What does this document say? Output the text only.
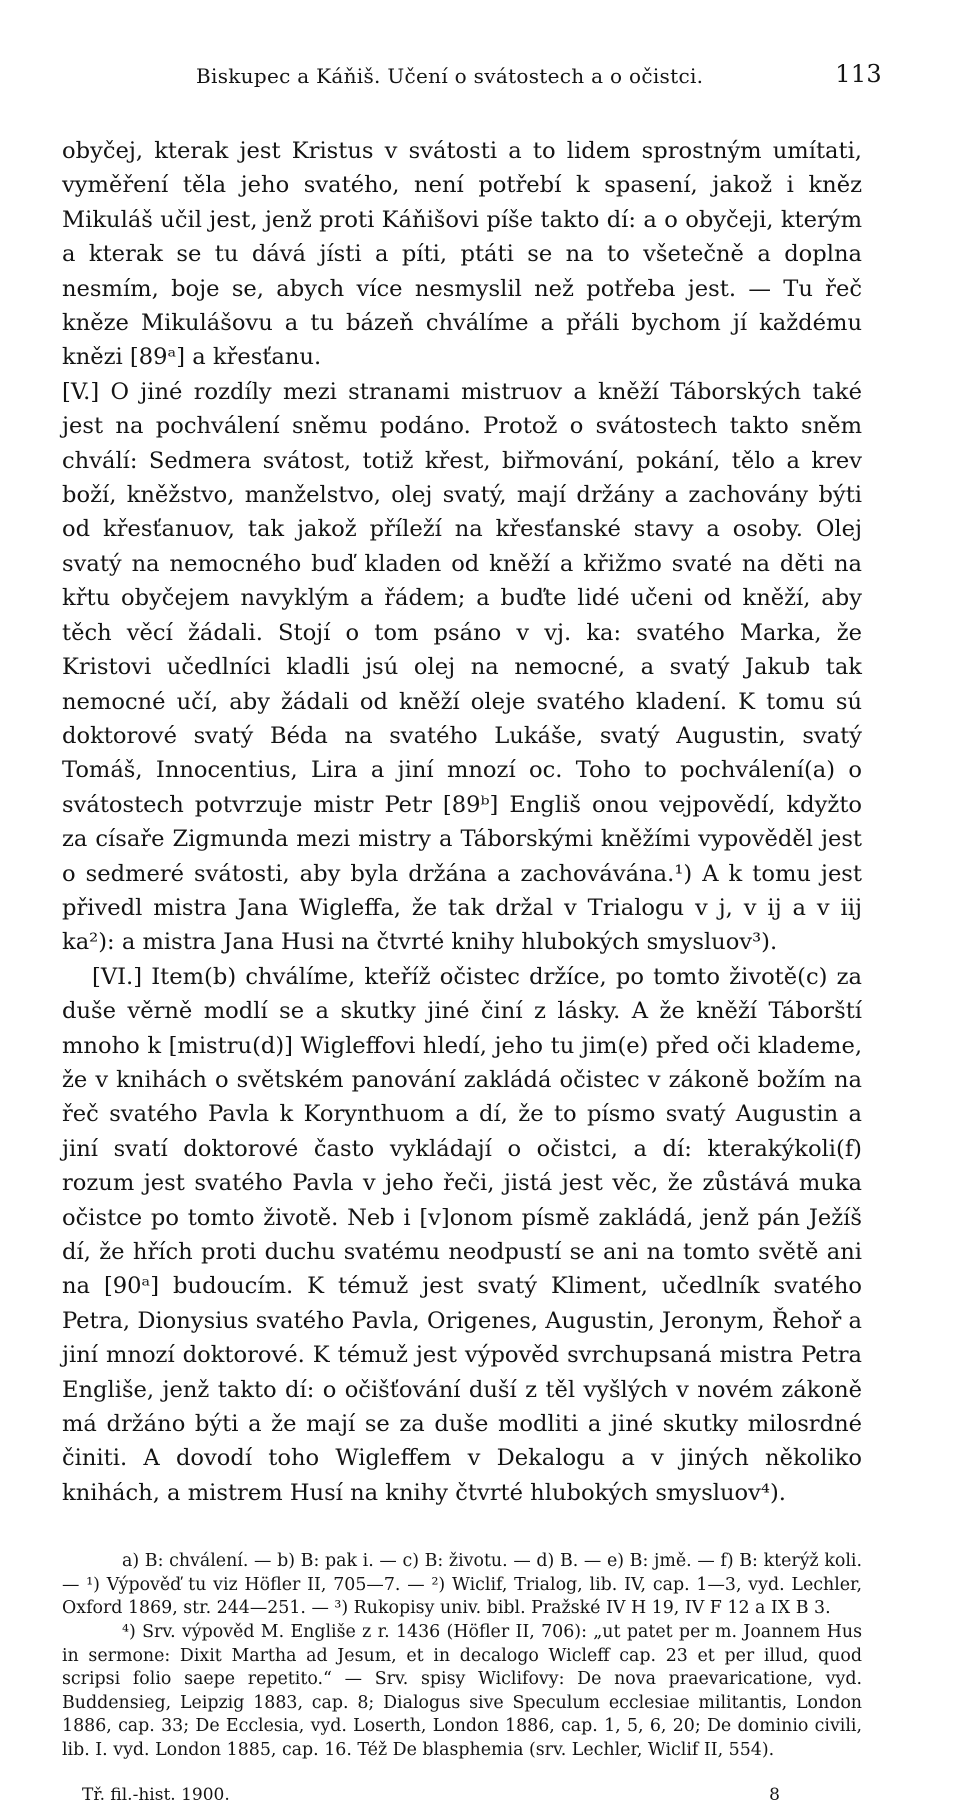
Biskupec a Káňiš. Učení o svátostech a o očistci.	113

obyčej, kterak jest Kristus v svátosti a to lidem sprostným umítati, vyměření těla jeho svatého, není potřebí k spasení, jakož i kněz Mikuláš učil jest, jenž proti Káňišovi píše takto dí: a o obyčeji, kterým a kterak se tu dává jísti a píti, ptáti se na to všetečně a doplna nesmím, boje se, abych více nesmyslil než potřeba jest. — Tu řeč kněze Mikulášovu a tu bázeň chválíme a přáli bychom jí každému knězi [89ᵃ] a křesťanu.

[V.] O jiné rozdíly mezi stranami mistruov a kněží Táborských také jest na pochválení sněmu podáno. Protož o svátostech takto sněm chválí: Sedmera svátost, totiž křest, biřmování, pokání, tělo a krev boží, kněžstvo, manželstvo, olej svatý, mají držány a zachovány býti od křesťanuov, tak jakož příleží na křesťanské stavy a osoby. Olej svatý na nemocného buď kladen od kněží a křižmo svaté na děti na křtu obyčejem navyklým a řádem; a buďte lidé učeni od kněží, aby těch věcí žádali. Stojí o tom psáno v vj. ka: svatého Marka, že Kristovi učedlníci kladli jsú olej na nemocné, a svatý Jakub tak nemocné učí, aby žádali od kněží oleje svatého kladení. K tomu sú doktorové svatý Béda na svatého Lukáše, svatý Augustin, svatý Tomáš, Innocentius, Lira a jiní mnozí oc. Toho to pochválení(a) o svátostech potvrzuje mistr Petr [89ᵇ] Engliš onou vejpovědí, kdyžto za císaře Zigmunda mezi mistry a Táborskými kněžími vypověděl jest o sedmeré svátosti, aby byla držána a zachovávána.¹) A k tomu jest přivedl mistra Jana Wigleffa, že tak držal v Trialogu v j, v ij a v iij ka²): a mistra Jana Husi na čtvrté knihy hlubokých smysluov³).

[VI.] Item(b) chválíme, kteříž očistec držíce, po tomto životě(c) za duše věrně modlí se a skutky jiné činí z lásky. A že kněží Táborští mnoho k [mistru(d)] Wigleffovi hledí, jeho tu jim(e) před oči klademe, že v knihách o světském panování zakládá očistec v zákoně božím na řeč svatého Pavla k Korynthuom a dí, že to písmo svatý Augustin a jiní svatí doktorové často vykládají o očistci, a dí: kterakýkoli(f) rozum jest svatého Pavla v jeho řeči, jistá jest věc, že zůstává muka očistce po tomto životě. Neb i [v]onom písmě zakládá, jenž pán Ježíš dí, že hřích proti duchu svatému neodpustí se ani na tomto světě ani na [90ᵃ] budoucím. K témuž jest svatý Kliment, učedlník svatého Petra, Dionysius svatého Pavla, Origenes, Augustin, Jeronym, Řehoř a jiní mnozí doktorové. K témuž jest výpověd svrchupsaná mistra Petra Engliše, jenž takto dí: o očišťování duší z těl vyšlých v novém zákoně má držáno býti a že mají se za duše modliti a jiné skutky milosrdné činiti. A dovodí toho Wigleffem v Dekalogu a v jiných několiko knihách, a mistrem Husí na knihy čtvrté hlubokých smysluov⁴).

a) B: chválení. — b) B: pak i. — c) B: životu. — d) B. — e) B: jmě. — f) B: kterýž koli. — ¹) Výpověď tu viz Höfler II, 705—7. — ²) Wiclif, Trialog, lib. IV, cap. 1—3, vyd. Lechler, Oxford 1869, str. 244—251. — ³) Rukopisy univ. bibl. Pražské IV H 19, IV F 12 a IX B 3.

⁴) Srv. výpověd M. Engliše z r. 1436 (Höfler II, 706): „ut patet per m. Joannem Hus in sermone: Dixit Martha ad Jesum, et in decalogo Wicleff cap. 23 et per illud, quod scripsi folio saepe repetito.“ — Srv. spisy Wiclifovy: De nova praevaricatione, vyd. Buddensieg, Leipzig 1883, cap. 8; Dialogus sive Speculum ecclesiae militantis, London 1886, cap. 33; De Ecclesia, vyd. Loserth, London 1886, cap. 1, 5, 6, 20; De dominio civili, lib. I. vyd. London 1885, cap. 16. Též De blasphemia (srv. Lechler, Wiclif II, 554).

Tř. fil.-hist. 1900.	8
